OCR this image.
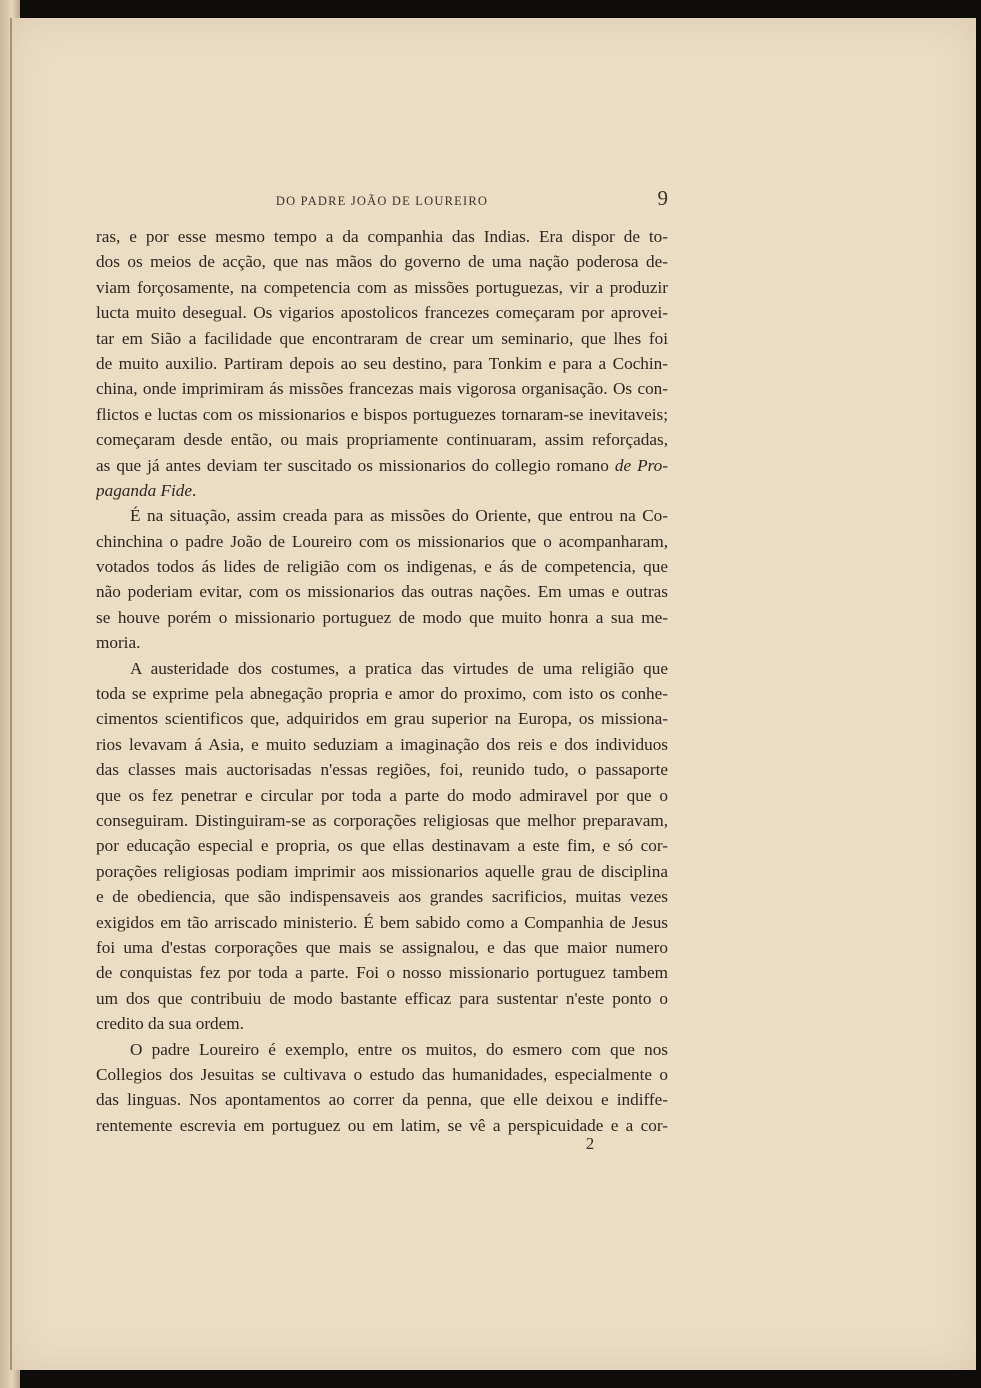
DO PADRE JOÃO DE LOUREIRO	9
ras, e por esse mesmo tempo a da companhia das Indias. Era dispor de to-
dos os meios de acção, que nas mãos do governo de uma nação poderosa de-
viam forçosamente, na competencia com as missões portuguezas, vir a produzir
lucta muito desegual. Os vigarios apostolicos francezes começaram por aprovei-
tar em Sião a facilidade que encontraram de crear um seminario, que lhes foi
de muito auxilio. Partiram depois ao seu destino, para Tonkim e para a Cochin-
china, onde imprimiram ás missões francezas mais vigorosa organisação. Os con-
flictos e luctas com os missionarios e bispos portuguezes tornaram-se inevitaveis;
começaram desde então, ou mais propriamente continuaram, assim reforçadas,
as que já antes deviam ter suscitado os missionarios do collegio romano de Pro-
paganda Fide.
É na situação, assim creada para as missões do Oriente, que entrou na Co-
chinchina o padre João de Loureiro com os missionarios que o acompanharam,
votados todos ás lides de religião com os indigenas, e ás de competencia, que
não poderiam evitar, com os missionarios das outras nações. Em umas e outras
se houve porém o missionario portuguez de modo que muito honra a sua me-
moria.
A austeridade dos costumes, a pratica das virtudes de uma religião que
toda se exprime pela abnegação propria e amor do proximo, com isto os conhe-
cimentos scientificos que, adquiridos em grau superior na Europa, os missiona-
rios levavam á Asia, e muito seduziam a imaginação dos reis e dos individuos
das classes mais auctorisadas n'essas regiões, foi, reunido tudo, o passaporte
que os fez penetrar e circular por toda a parte do modo admiravel por que o
conseguiram. Distinguiram-se as corporações religiosas que melhor preparavam,
por educação especial e propria, os que ellas destinavam a este fim, e só cor-
porações religiosas podiam imprimir aos missionarios aquelle grau de disciplina
e de obediencia, que são indispensaveis aos grandes sacrificios, muitas vezes
exigidos em tão arriscado ministerio. É bem sabido como a Companhia de Jesus
foi uma d'estas corporações que mais se assignalou, e das que maior numero
de conquistas fez por toda a parte. Foi o nosso missionario portuguez tambem
um dos que contribuiu de modo bastante efficaz para sustentar n'este ponto o
credito da sua ordem.
O padre Loureiro é exemplo, entre os muitos, do esmero com que nos
Collegios dos Jesuitas se cultivava o estudo das humanidades, especialmente o
das linguas. Nos apontamentos ao correr da penna, que elle deixou e indiffe-
rentemente escrevia em portuguez ou em latim, se vê a perspicuidade e a cor-
2
